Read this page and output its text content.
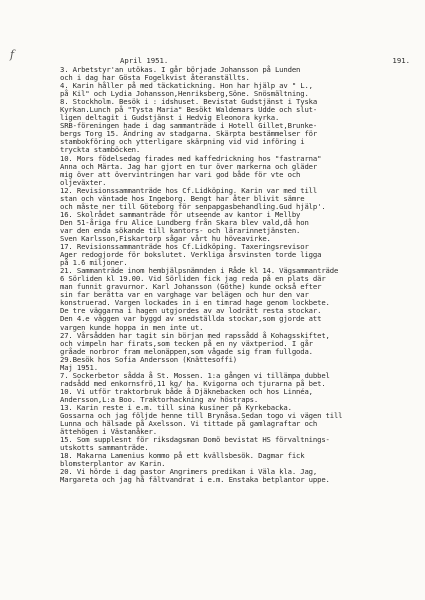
f	April 1951.	191.
3. Arbetstyr'an utökas. I går började Johansson på Lunden
och i dag har Gösta Fogelkvist återanställts.
4. Karin håller på med täckatickning. Hon har hjälp av " L.,
på Kil" och Lydia Johansson,Henriksberg,Söne. Snösmältning.
8. Stockholm. Besök i : idshuset. Bevistat Gudstjänst i Tyska
Kyrkan.Lunch på "Tysta Maria" Besökt Waldemars Udde och slut-
ligen deltagit i Gudstjänst i Hedvig Eleonora kyrka.
SRB-föreningen hade i dag sammanträde i Hotell Gillet,Brunke-
bergs Torg 15. Ändring av stadgarna. Skärpta bestämmelser för
stambokföring och ytterligare skärpning vid vid införing i
tryckta stamböcken.
10. Mors födelsedag firades med kaffedrickning hos "fastrarna"
Anna och Märta. Jag har gjort en tur över markerna och gläder
mig över att övervintringen har vari god både för vte och
oljeväxter.
12. Revisionssammanträde hos Cf.Lidköping. Karin var med till
stan och väntade hos Ingeborg. Bengt har åter blivit sämre
och måste ner till Göteborg för senpapgasbehandling.Gud hjälp'.
16. Skolrådet sammanträde för utseende av kantor i Mellby
Den 51-åriga fru Alice Lundberg från Skara blev vald,då hon
var den enda sökande till kantors- och lärarinnetjänsten.
Sven Karlsson,Fiskartorp sågar vårt hu höveavirke.
17. Revisionssammanträde hos Cf.Lidköping. Taxeringsrevisor
Ager redogjorde för bokslutet. Verkliga årsvinsten torde ligga
på 1.6 miljoner.
21. Sammanträde inom hembjälpsnämnden i Råde kl 14. Vägsammanträde
6 Sörliden kl 19.00. Vid Sörliden fick jag reda på en plats där
man funnit gravurnor. Karl Johansson (Göthe) kunde också efter
sin far berätta var en varghage var belägen och hur den var
konstruerad. Vargen lockades in i en timrad hage genom lockbete.
De tre väggarna i hagen utgjordes av av lodrätt resta stockar.
Den 4.e väggen var byggd av snedställda stockar,som gjorde att
vargen kunde hoppa in men inte ut.
27. Vårsådden har tagit sin början med rapssådd å Kohagsskiftet,
och vimpeln har firats,som tecken på en ny växtperiod. I går
gråade norbror fram melonäppen,som vågade sig fram fullgoda.
29.Besök hos Sofia Andersson (Knättesoffi)
Maj 1951.
7. Sockerbetor sådda å St. Mossen. 1:a gången vi tillämpa dubbel
radsådd med enkornsfrö,11 kg/ ha. Kvigorna och tjurarna på bet.
10. Vi utför traktorbruk både å Djäknebacken och hos Linnéa,
Andersson,L:a Boo. Traktorhackning av höstraps.
13. Karin reste i e.m. till sina kusiner på Kyrkebacka.
Gossarna och jag följde henne till Brynåsa.Sedan togo vi vägen till
Lunna och hälsade på Axelsson. Vi tittade på gamlagraftar och
ättehögen i Västanåker.
15. Som supplesnt för riksdagsman Domö bevistat HS förvaltnings-
utskotts sammanträde.
18. Makarna Lamenius kommo på ett kvällsbesök. Dagmar fick
blomsterplantor av Karin.
20. Vi hörde i dag pastor Angrimers predikan i Väla kla. Jag,
Margareta och jag hå fältvandrat i e.m. Enstaka betplantor uppe.
